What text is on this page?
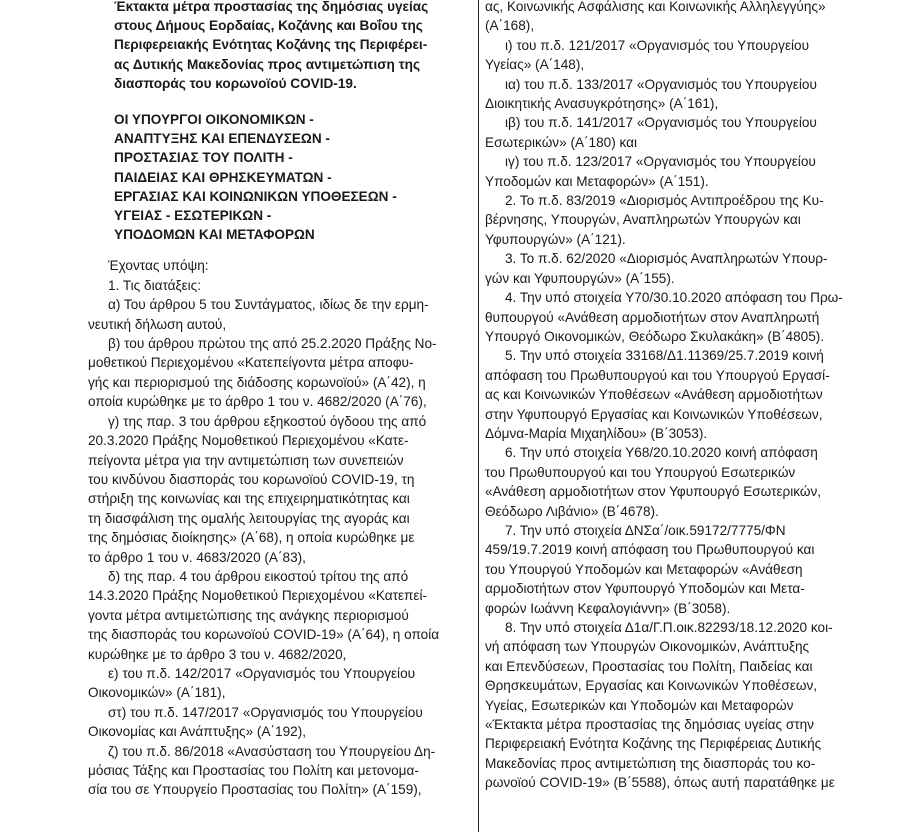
Έκτακτα μέτρα προστασίας της δημόσιας υγείας
στους Δήμους Εορδαίας, Κοζάνης και Βοΐου της
Περιφερειακής Ενότητας Κοζάνης της Περιφέρει-
ας Δυτικής Μακεδονίας προς αντιμετώπιση της
διασποράς του κορωνοϊού COVID-19.
ΟΙ ΥΠΟΥΡΓΟΙ ΟΙΚΟΝΟΜΙΚΩΝ -
ΑΝΑΠΤΥΞΗΣ ΚΑΙ ΕΠΕΝΔΥΣΕΩΝ -
ΠΡΟΣΤΑΣΙΑΣ ΤΟΥ ΠΟΛΙΤΗ -
ΠΑΙΔΕΙΑΣ ΚΑΙ ΘΡΗΣΚΕΥΜΑΤΩΝ -
ΕΡΓΑΣΙΑΣ ΚΑΙ ΚΟΙΝΩΝΙΚΩΝ ΥΠΟΘΕΣΕΩΝ -
ΥΓΕΙΑΣ - ΕΣΩΤΕΡΙΚΩΝ -
ΥΠΟΔΟΜΩΝ ΚΑΙ ΜΕΤΑΦΟΡΩΝ
Έχοντας υπόψη:
1. Τις διατάξεις:
α) Του άρθρου 5 του Συντάγματος, ιδίως δε την ερμη-
νευτική δήλωση αυτού,
β) του άρθρου πρώτου της από 25.2.2020 Πράξης Νο-
μοθετικού Περιεχομένου «Κατεπείγοντα μέτρα αποφυ-
γής και περιορισμού της διάδοσης κορωνοϊού» (Α΄42), η
οποία κυρώθηκε με το άρθρο 1 του ν. 4682/2020 (Α΄76),
γ) της παρ. 3 του άρθρου εξηκοστού όγδοου της από
20.3.2020 Πράξης Νομοθετικού Περιεχομένου «Κατε-
πείγοντα μέτρα για την αντιμετώπιση των συνεπειών
του κινδύνου διασποράς του κορωνοϊού COVID-19, τη
στήριξη της κοινωνίας και της επιχειρηματικότητας και
τη διασφάλιση της ομαλής λειτουργίας της αγοράς και
της δημόσιας διοίκησης» (Α΄68), η οποία κυρώθηκε με
το άρθρο 1 του ν. 4683/2020 (Α΄83),
δ) της παρ. 4 του άρθρου εικοστού τρίτου της από
14.3.2020 Πράξης Νομοθετικού Περιεχομένου «Κατεπεί-
γοντα μέτρα αντιμετώπισης της ανάγκης περιορισμού
της διασποράς του κορωνοϊού COVID-19» (Α΄64), η οποία
κυρώθηκε με το άρθρο 3 του ν. 4682/2020,
ε) του π.δ. 142/2017 «Οργανισμός του Υπουργείου
Οικονομικών» (Α΄181),
στ) του π.δ. 147/2017 «Οργανισμός του Υπουργείου
Οικονομίας και Ανάπτυξης» (Α΄192),
ζ) του π.δ. 86/2018 «Ανασύσταση του Υπουργείου Δη-
μόσιας Τάξης και Προστασίας του Πολίτη και μετονομα-
σία του σε Υπουργείο Προστασίας του Πολίτη» (Α΄159),
ας, Κοινωνικής Ασφάλισης και Κοινωνικής Αλληλεγγύης»
(Α΄168),
ι) του π.δ. 121/2017 «Οργανισμός του Υπουργείου
Υγείας» (Α΄148),
ια) του π.δ. 133/2017 «Οργανισμός του Υπουργείου
Διοικητικής Ανασυγκρότησης» (Α΄161),
ιβ) του π.δ. 141/2017 «Οργανισμός του Υπουργείου
Εσωτερικών» (Α΄180) και
ιγ) του π.δ. 123/2017 «Οργανισμός του Υπουργείου
Υποδομών και Μεταφορών» (Α΄151).
2. Το π.δ. 83/2019 «Διορισμός Αντιπροέδρου της Κυ-
βέρνησης, Υπουργών, Αναπληρωτών Υπουργών και
Υφυπουργών» (Α΄121).
3. Το π.δ. 62/2020 «Διορισμός Αναπληρωτών Υπουρ-
γών και Υφυπουργών» (Α΄155).
4. Την υπό στοιχεία Υ70/30.10.2020 απόφαση του Πρω-
θυπουργού «Ανάθεση αρμοδιοτήτων στον Αναπληρωτή
Υπουργό Οικονομικών, Θεόδωρο Σκυλακάκη» (Β΄4805).
5. Την υπό στοιχεία 33168/Δ1.11369/25.7.2019 κοινή
απόφαση του Πρωθυπουργού και του Υπουργού Εργασί-
ας και Κοινωνικών Υποθέσεων «Ανάθεση αρμοδιοτήτων
στην Υφυπουργό Εργασίας και Κοινωνικών Υποθέσεων,
Δόμνα-Μαρία Μιχαηλίδου» (Β΄3053).
6. Την υπό στοιχεία Υ68/20.10.2020 κοινή απόφαση
του Πρωθυπουργού και του Υπουργού Εσωτερικών
«Ανάθεση αρμοδιοτήτων στον Υφυπουργό Εσωτερικών,
Θεόδωρο Λιβάνιο» (Β΄4678).
7. Την υπό στοιχεία ΔΝΣα΄/οικ.59172/7775/ΦΝ
459/19.7.2019 κοινή απόφαση του Πρωθυπουργού και
του Υπουργού Υποδομών και Μεταφορών «Ανάθεση
αρμοδιοτήτων στον Υφυπουργό Υποδομών και Μετα-
φορών Ιωάννη Κεφαλογιάννη» (Β΄3058).
8. Την υπό στοιχεία Δ1α/Γ.Π.οικ.82293/18.12.2020 κοι-
νή απόφαση των Υπουργών Οικονομικών, Ανάπτυξης
και Επενδύσεων, Προστασίας του Πολίτη, Παιδείας και
Θρησκευμάτων, Εργασίας και Κοινωνικών Υποθέσεων,
Υγείας, Εσωτερικών και Υποδομών και Μεταφορών
«Έκτακτα μέτρα προστασίας της δημόσιας υγείας στην
Περιφερειακή Ενότητα Κοζάνης της Περιφέρειας Δυτικής
Μακεδονίας προς αντιμετώπιση της διασποράς του κο-
ρωνοϊού COVID-19» (Β΄5588), όπως αυτή παρατάθηκε με
